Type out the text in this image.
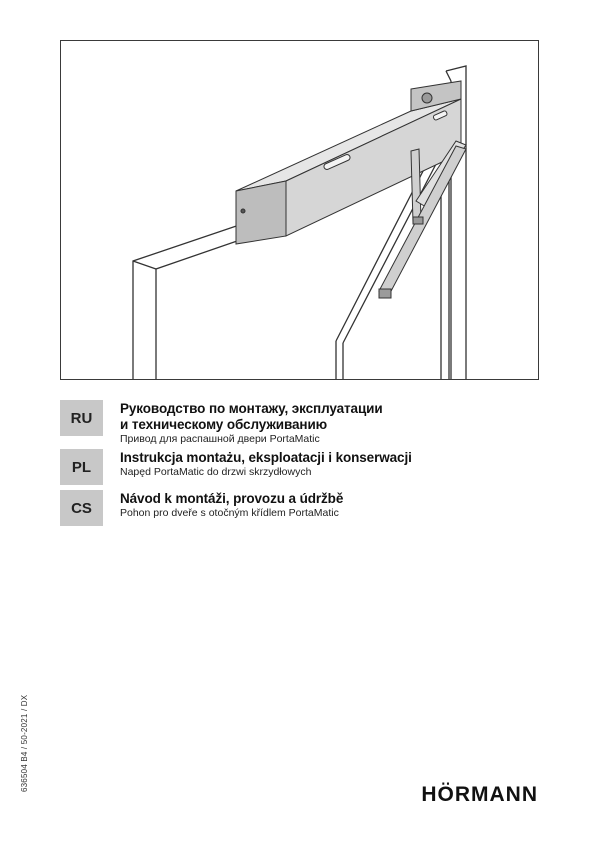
RU
Руководство по монтажу, эксплуатации
и техническому обслуживанию
Привод для распашной двери PortaMatic
PL
Instrukcja montażu, eksploatacji i konserwacji
Napęd PortaMatic do drzwi skrzydłowych
CS
Návod k montáži, provozu a údržbě
Pohon pro dveře s otočným křídlem PortaMatic
636504 B4 / 50-2021 / DX
HÖRMANN
